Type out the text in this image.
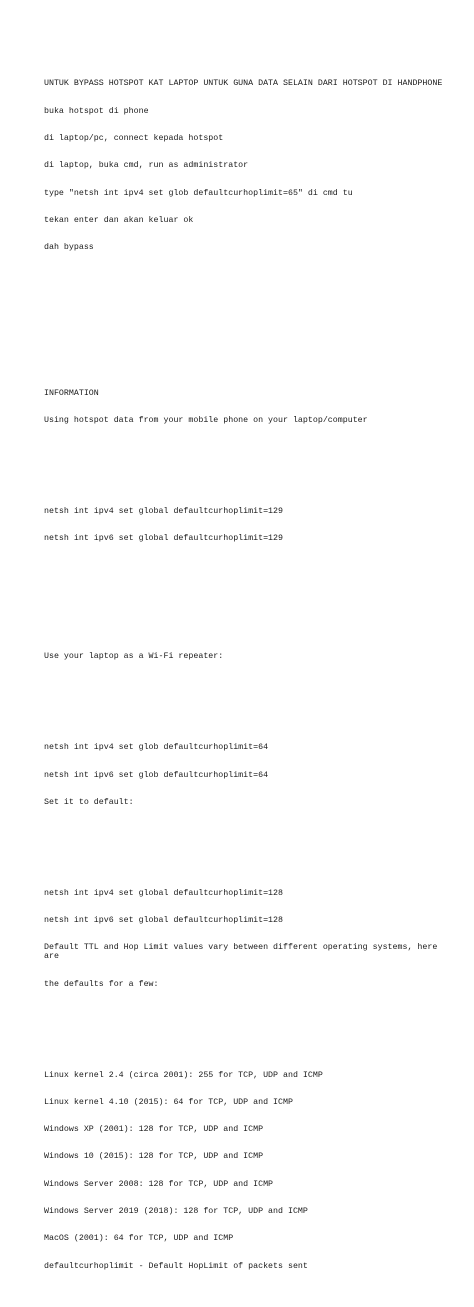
UNTUK BYPASS HOTSPOT KAT LAPTOP UNTUK GUNA DATA SELAIN DARI HOTSPOT DI HANDPHONE

buka hotspot di phone

di laptop/pc, connect kepada hotspot

di laptop, buka cmd, run as administrator

type "netsh int ipv4 set glob defaultcurhoplimit=65" di cmd tu

tekan enter dan akan keluar ok

dah bypass

INFORMATION

Using hotspot data from your mobile phone on your laptop/computer

netsh int ipv4 set global defaultcurhoplimit=129

netsh int ipv6 set global defaultcurhoplimit=129

Use your laptop as a Wi-Fi repeater:

netsh int ipv4 set glob defaultcurhoplimit=64

netsh int ipv6 set glob defaultcurhoplimit=64

Set it to default:

netsh int ipv4 set global defaultcurhoplimit=128

netsh int ipv6 set global defaultcurhoplimit=128

Default TTL and Hop Limit values vary between different operating systems, here are

the defaults for a few:

Linux kernel 2.4 (circa 2001): 255 for TCP, UDP and ICMP

Linux kernel 4.10 (2015): 64 for TCP, UDP and ICMP

Windows XP (2001): 128 for TCP, UDP and ICMP

Windows 10 (2015): 128 for TCP, UDP and ICMP

Windows Server 2008: 128 for TCP, UDP and ICMP

Windows Server 2019 (2018): 128 for TCP, UDP and ICMP

MacOS (2001): 64 for TCP, UDP and ICMP

defaultcurhoplimit - Default HopLimit of packets sent
